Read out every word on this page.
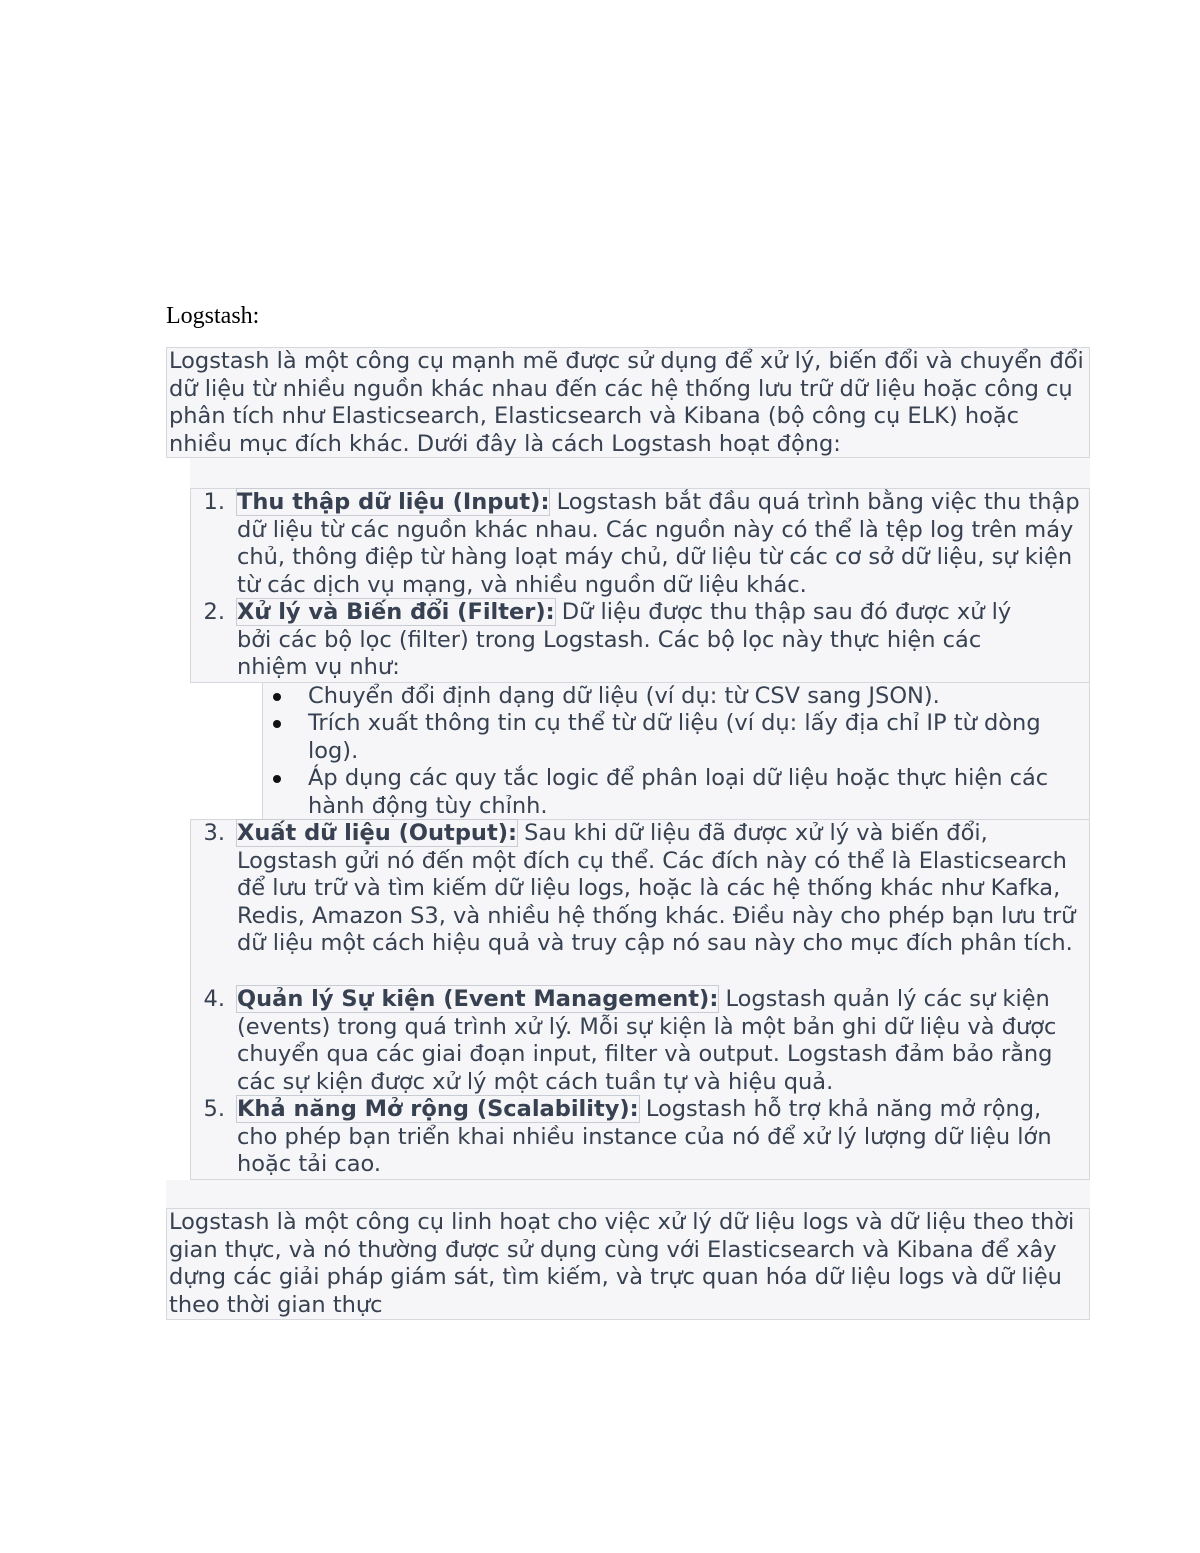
Logstash:
Logstash là một công cụ mạnh mẽ được sử dụng để xử lý, biến đổi và chuyển đổi dữ liệu từ nhiều nguồn khác nhau đến các hệ thống lưu trữ dữ liệu hoặc công cụ phân tích như Elasticsearch, Elasticsearch và Kibana (bộ công cụ ELK) hoặc nhiều mục đích khác. Dưới đây là cách Logstash hoạt động:
1. Thu thập dữ liệu (Input): Logstash bắt đầu quá trình bằng việc thu thập dữ liệu từ các nguồn khác nhau. Các nguồn này có thể là tệp log trên máy chủ, thông điệp từ hàng loạt máy chủ, dữ liệu từ các cơ sở dữ liệu, sự kiện từ các dịch vụ mạng, và nhiều nguồn dữ liệu khác.
2. Xử lý và Biến đổi (Filter): Dữ liệu được thu thập sau đó được xử lý bởi các bộ lọc (filter) trong Logstash. Các bộ lọc này thực hiện các nhiệm vụ như:
Chuyển đổi định dạng dữ liệu (ví dụ: từ CSV sang JSON).
Trích xuất thông tin cụ thể từ dữ liệu (ví dụ: lấy địa chỉ IP từ dòng log).
Áp dụng các quy tắc logic để phân loại dữ liệu hoặc thực hiện các hành động tùy chỉnh.
3. Xuất dữ liệu (Output): Sau khi dữ liệu đã được xử lý và biến đổi, Logstash gửi nó đến một đích cụ thể. Các đích này có thể là Elasticsearch để lưu trữ và tìm kiếm dữ liệu logs, hoặc là các hệ thống khác như Kafka, Redis, Amazon S3, và nhiều hệ thống khác. Điều này cho phép bạn lưu trữ dữ liệu một cách hiệu quả và truy cập nó sau này cho mục đích phân tích.
4. Quản lý Sự kiện (Event Management): Logstash quản lý các sự kiện (events) trong quá trình xử lý. Mỗi sự kiện là một bản ghi dữ liệu và được chuyển qua các giai đoạn input, filter và output. Logstash đảm bảo rằng các sự kiện được xử lý một cách tuần tự và hiệu quả.
5. Khả năng Mở rộng (Scalability): Logstash hỗ trợ khả năng mở rộng, cho phép bạn triển khai nhiều instance của nó để xử lý lượng dữ liệu lớn hoặc tải cao.
Logstash là một công cụ linh hoạt cho việc xử lý dữ liệu logs và dữ liệu theo thời gian thực, và nó thường được sử dụng cùng với Elasticsearch và Kibana để xây dựng các giải pháp giám sát, tìm kiếm, và trực quan hóa dữ liệu logs và dữ liệu theo thời gian thực
